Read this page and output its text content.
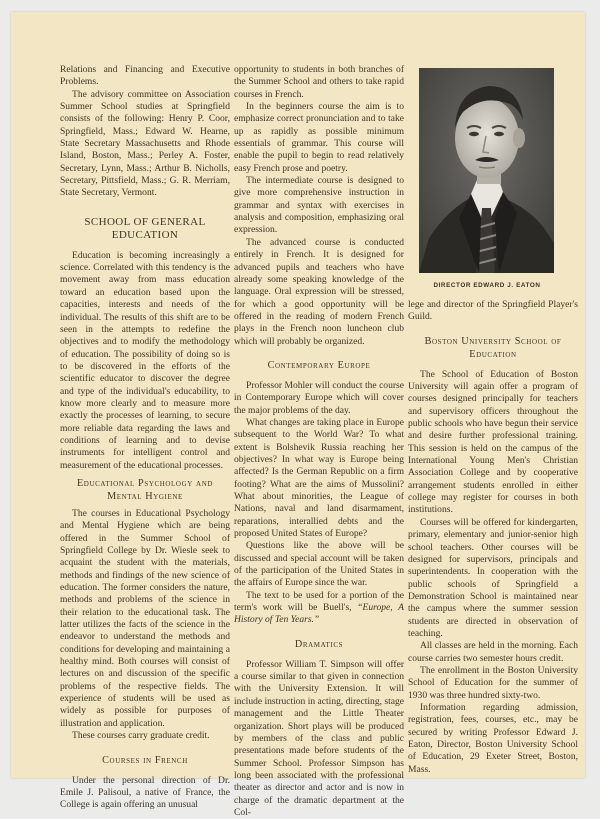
Relations and Financing and Executive Problems.

The advisory committee on Association Summer School studies at Springfield consists of the following: Henry P. Coor, Springfield, Mass.; Edward W. Hearne, State Secretary Massachusetts and Rhode Island, Boston, Mass.; Perley A. Foster, Secretary, Lynn, Mass.; Arthur B. Nicholls, Secretary, Pittsfield, Mass.; G. R. Merriam, State Secretary, Vermont.

SCHOOL OF GENERAL EDUCATION

Education is becoming increasingly a science. Correlated with this tendency is the movement away from mass education toward an education based upon the capacities, interests and needs of the individual. The results of this shift are to be seen in the attempts to redefine the objectives and to modify the methodology of education. The possibility of doing so is to be discovered in the efforts of the scientific educator to discover the degree and type of the individual's educability, to know more clearly and to measure more exactly the processes of learning, to secure more reliable data regarding the laws and conditions of learning and to devise instruments for intelligent control and measurement of the educational processes.

Educational Psychology and Mental Hygiene

The courses in Educational Psychology and Mental Hygiene which are being offered in the Summer School of Springfield College by Dr. Wiesle seek to acquaint the student with the materials, methods and findings of the new science of education. The former considers the nature, methods and problems of the science in their relation to the educational task. The latter utilizes the facts of the science in the endeavor to understand the methods and conditions for developing and maintaining a healthy mind. Both courses will consist of lectures on and discussion of the specific problems of the respective fields. The experience of students will be used as widely as possible for purposes of illustration and application.

These courses carry graduate credit.

Courses in French

Under the personal direction of Dr. Emile J. Palisoul, a native of France, the College is again offering an unusual

opportunity to students in both branches of the Summer School and others to take rapid courses in French.

In the beginners course the aim is to emphasize correct pronunciation and to take up as rapidly as possible minimum essentials of grammar. This course will enable the pupil to begin to read relatively easy French prose and poetry.

The intermediate course is designed to give more comprehensive instruction in grammar and syntax with exercises in analysis and composition, emphasizing oral expression.

The advanced course is conducted entirely in French. It is designed for advanced pupils and teachers who have already some speaking knowledge of the language. Oral expression will be stressed, for which a good opportunity will be offered in the reading of modern French plays in the French noon luncheon club which will probably be organized.

Contemporary Europe

Professor Mohler will conduct the course in Contemporary Europe which will cover the major problems of the day.

What changes are taking place in Europe subsequent to the World War? To what extent is Bolshevik Russia reaching her objectives? In what way is Europe being affected? Is the German Republic on a firm footing? What are the aims of Mussolini? What about minorities, the League of Nations, naval and land disarmament, reparations, interallied debts and the proposed United States of Europe?

Questions like the above will be discussed and special account will be taken of the participation of the United States in the affairs of Europe since the war.

The text to be used for a portion of the term's work will be Buell's, “Europe, A History of Ten Years.”

Dramatics

Professor William T. Simpson will offer a course similar to that given in connection with the University Extension. It will include instruction in acting, directing, stage management and the Little Theater organization. Short plays will be produced by members of the class and public presentations made before students of the Summer School. Professor Simpson has long been associated with the professional theater as director and actor and is now in charge of the dramatic department at the Col-

DIRECTOR EDWARD J. EATON

lege and director of the Springfield Player's Guild.

Boston University School of Education

The School of Education of Boston University will again offer a program of courses designed principally for teachers and supervisory officers throughout the public schools who have begun their service and desire further professional training. This session is held on the campus of the International Young Men's Christian Association College and by cooperative arrangement students enrolled in either college may register for courses in both institutions.

Courses will be offered for kindergarten, primary, elementary and junior-senior high school teachers. Other courses will be designed for supervisors, principals and superintendents. In cooperation with the public schools of Springfield a Demonstration School is maintained near the campus where the summer session students are directed in observation of teaching.

All classes are held in the morning. Each course carries two semester hours credit.

The enrollment in the Boston University School of Education for the summer of 1930 was three hundred sixty-two.

Information regarding admission, registration, fees, courses, etc., may be secured by writing Professor Edward J. Eaton, Director, Boston University School of Education, 29 Exeter Street, Boston, Mass.
